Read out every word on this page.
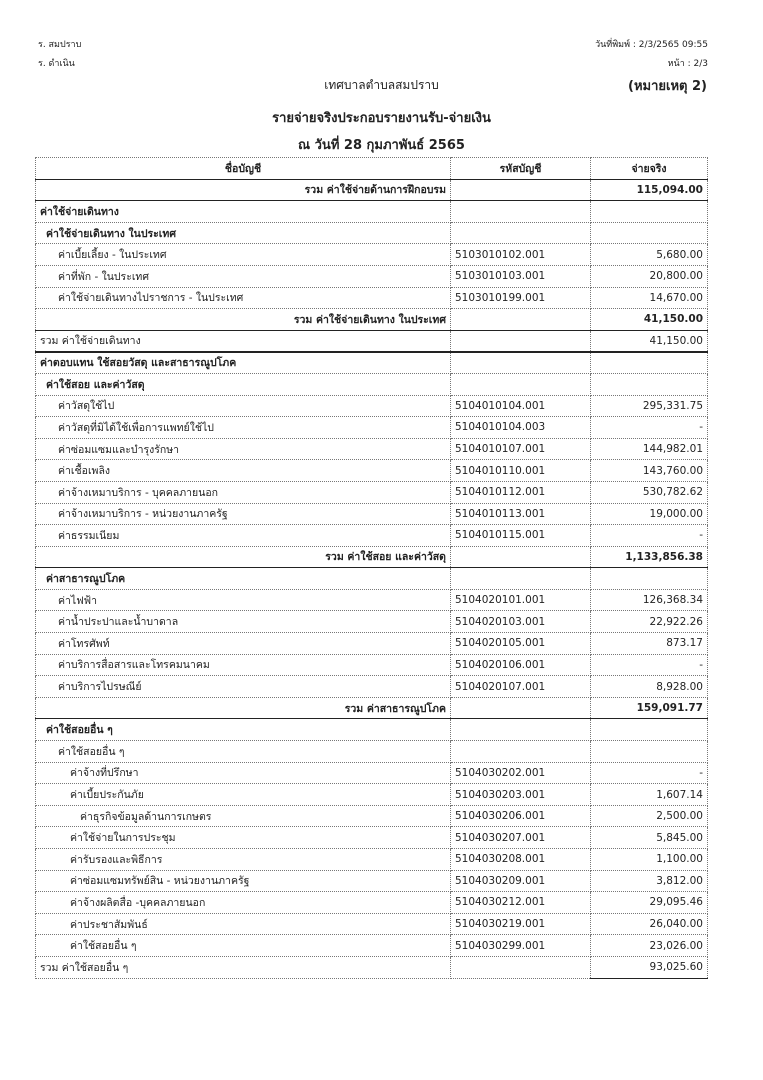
ร. สมปราบ
ร. ดำเนิน
วันที่พิมพ์ : 2/3/2565 09:55
หน้า : 2/3
เทศบาลตำบลสมปราบ	(หมายเหตุ 2)
รายจ่ายจริงประกอบรายงานรับ-จ่ายเงิน
ณ วันที่ 28 กุมภาพันธ์ 2565
ชื่อบัญชี	รหัสบัญชี	จ่ายจริง
รวม ค่าใช้จ่ายด้านการฝึกอบรม		115,094.00
ค่าใช้จ่ายเดินทาง		
ค่าใช้จ่ายเดินทาง ในประเทศ		
ค่าเบี้ยเลี้ยง - ในประเทศ	5103010102.001	5,680.00
ค่าที่พัก - ในประเทศ	5103010103.001	20,800.00
ค่าใช้จ่ายเดินทางไปราชการ - ในประเทศ	5103010199.001	14,670.00
รวม ค่าใช้จ่ายเดินทาง ในประเทศ		41,150.00
รวม ค่าใช้จ่ายเดินทาง		41,150.00
ค่าตอบแทน ใช้สอยวัสดุ และสาธารณูปโภค		
ค่าใช้สอย และค่าวัสดุ		
ค่าวัสดุใช้ไป	5104010104.001	295,331.75
ค่าวัสดุที่มิได้ใช้เพื่อการแพทย์ใช้ไป	5104010104.003	-
ค่าซ่อมแซมและบำรุงรักษา	5104010107.001	144,982.01
ค่าเชื้อเพลิง	5104010110.001	143,760.00
ค่าจ้างเหมาบริการ - บุคคลภายนอก	5104010112.001	530,782.62
ค่าจ้างเหมาบริการ - หน่วยงานภาครัฐ	5104010113.001	19,000.00
ค่าธรรมเนียม	5104010115.001	-
รวม ค่าใช้สอย และค่าวัสดุ		1,133,856.38
ค่าสาธารณูปโภค		
ค่าไฟฟ้า	5104020101.001	126,368.34
ค่าน้ำประปาและน้ำบาดาล	5104020103.001	22,922.26
ค่าโทรศัพท์	5104020105.001	873.17
ค่าบริการสื่อสารและโทรคมนาคม	5104020106.001	-
ค่าบริการไปรษณีย์	5104020107.001	8,928.00
รวม ค่าสาธารณูปโภค		159,091.77
ค่าใช้สอยอื่น ๆ		
ค่าใช้สอยอื่น ๆ		
ค่าจ้างที่ปรึกษา	5104030202.001	-
ค่าเบี้ยประกันภัย	5104030203.001	1,607.14
ค่าธุรกิจข้อมูลด้านการเกษตร	5104030206.001	2,500.00
ค่าใช้จ่ายในการประชุม	5104030207.001	5,845.00
ค่ารับรองและพิธีการ	5104030208.001	1,100.00
ค่าซ่อมแซมทรัพย์สิน - หน่วยงานภาครัฐ	5104030209.001	3,812.00
ค่าจ้างผลิตสื่อ -บุคคลภายนอก	5104030212.001	29,095.46
ค่าประชาสัมพันธ์	5104030219.001	26,040.00
ค่าใช้สอยอื่น ๆ	5104030299.001	23,026.00
รวม ค่าใช้สอยอื่น ๆ		93,025.60
